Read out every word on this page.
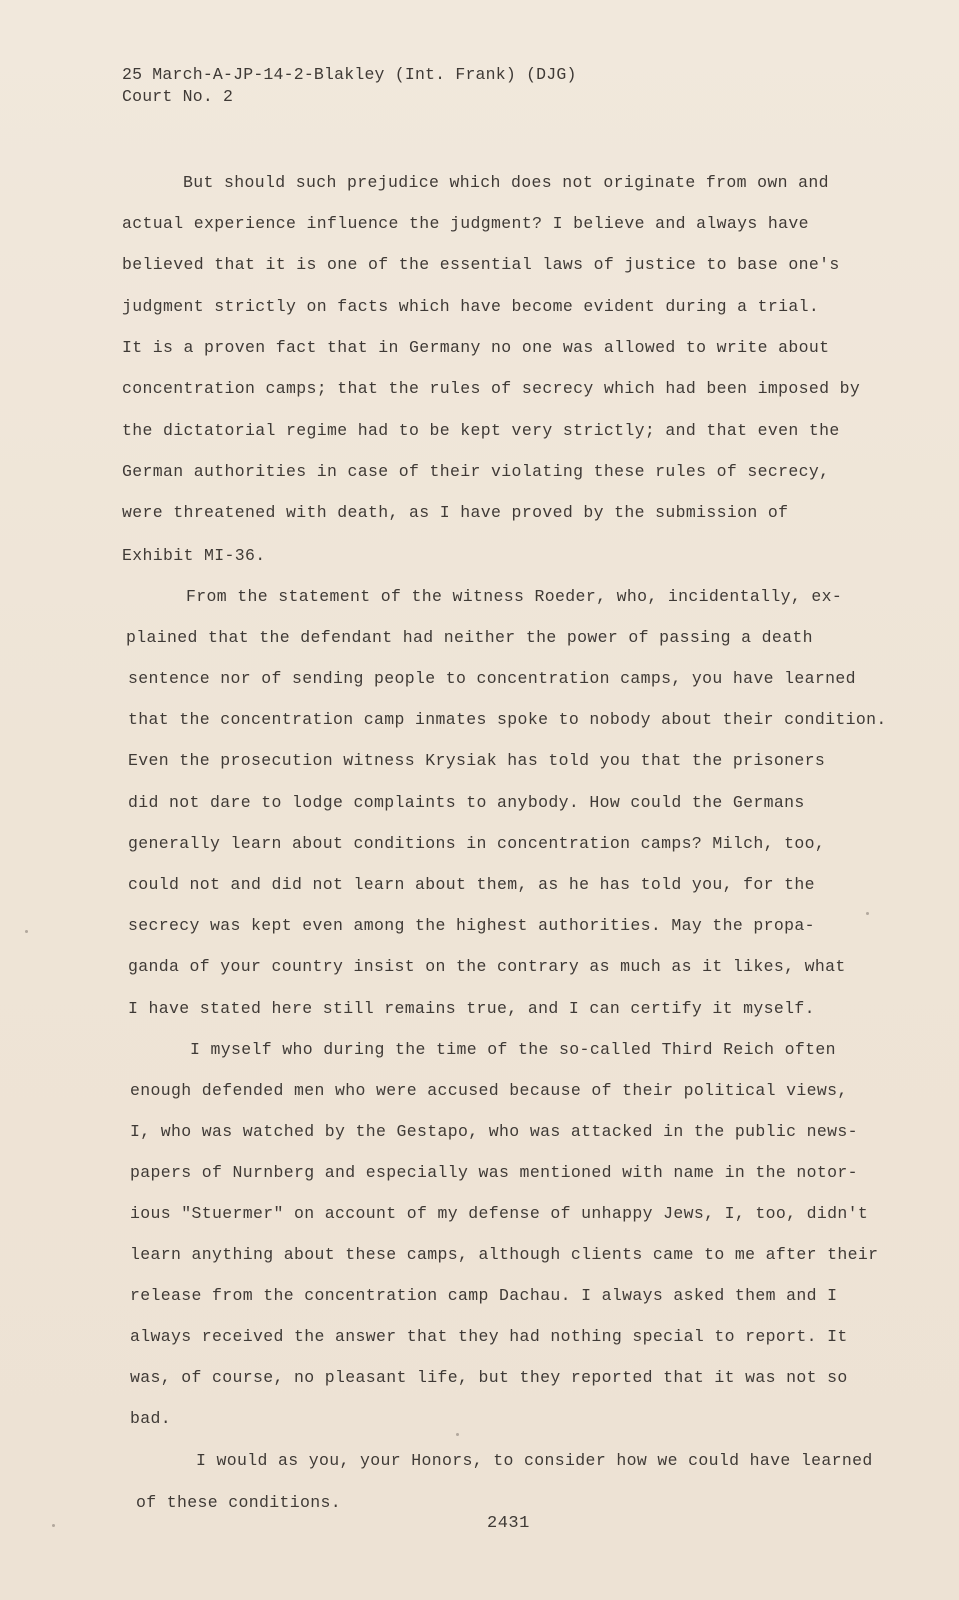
25 March-A-JP-14-2-Blakley (Int. Frank) (DJG)
Court No. 2
But should such prejudice which does not originate from own and
actual experience influence the judgment? I believe and always have
believed that it is one of the essential laws of justice to base one's
judgment strictly on facts which have become evident during a trial.
It is a proven fact that in Germany no one was allowed to write about
concentration camps; that the rules of secrecy which had been imposed by
the dictatorial regime had to be kept very strictly; and that even the
German authorities in case of their violating these rules of secrecy,
were threatened with death, as I have proved by the submission of
Exhibit MI-36.
From the statement of the witness Roeder, who, incidentally, ex-
plained that the defendant had neither the power of passing a death
sentence nor of sending people to concentration camps, you have learned
that the concentration camp inmates spoke to nobody about their condition.
Even the prosecution witness Krysiak has told you that the prisoners
did not dare to lodge complaints to anybody. How could the Germans
generally learn about conditions in concentration camps? Milch, too,
could not and did not learn about them, as he has told you, for the
secrecy was kept even among the highest authorities. May the propa-
ganda of your country insist on the contrary as much as it likes, what
I have stated here still remains true, and I can certify it myself.
I myself who during the time of the so-called Third Reich often
enough defended men who were accused because of their political views,
I, who was watched by the Gestapo, who was attacked in the public news-
papers of Nurnberg and especially was mentioned with name in the notor-
ious "Stuermer" on account of my defense of unhappy Jews, I, too, didn't
learn anything about these camps, although clients came to me after their
release from the concentration camp Dachau. I always asked them and I
always received the answer that they had nothing special to report. It
was, of course, no pleasant life, but they reported that it was not so
bad.
I would as you, your Honors, to consider how we could have learned
of these conditions.
2431
